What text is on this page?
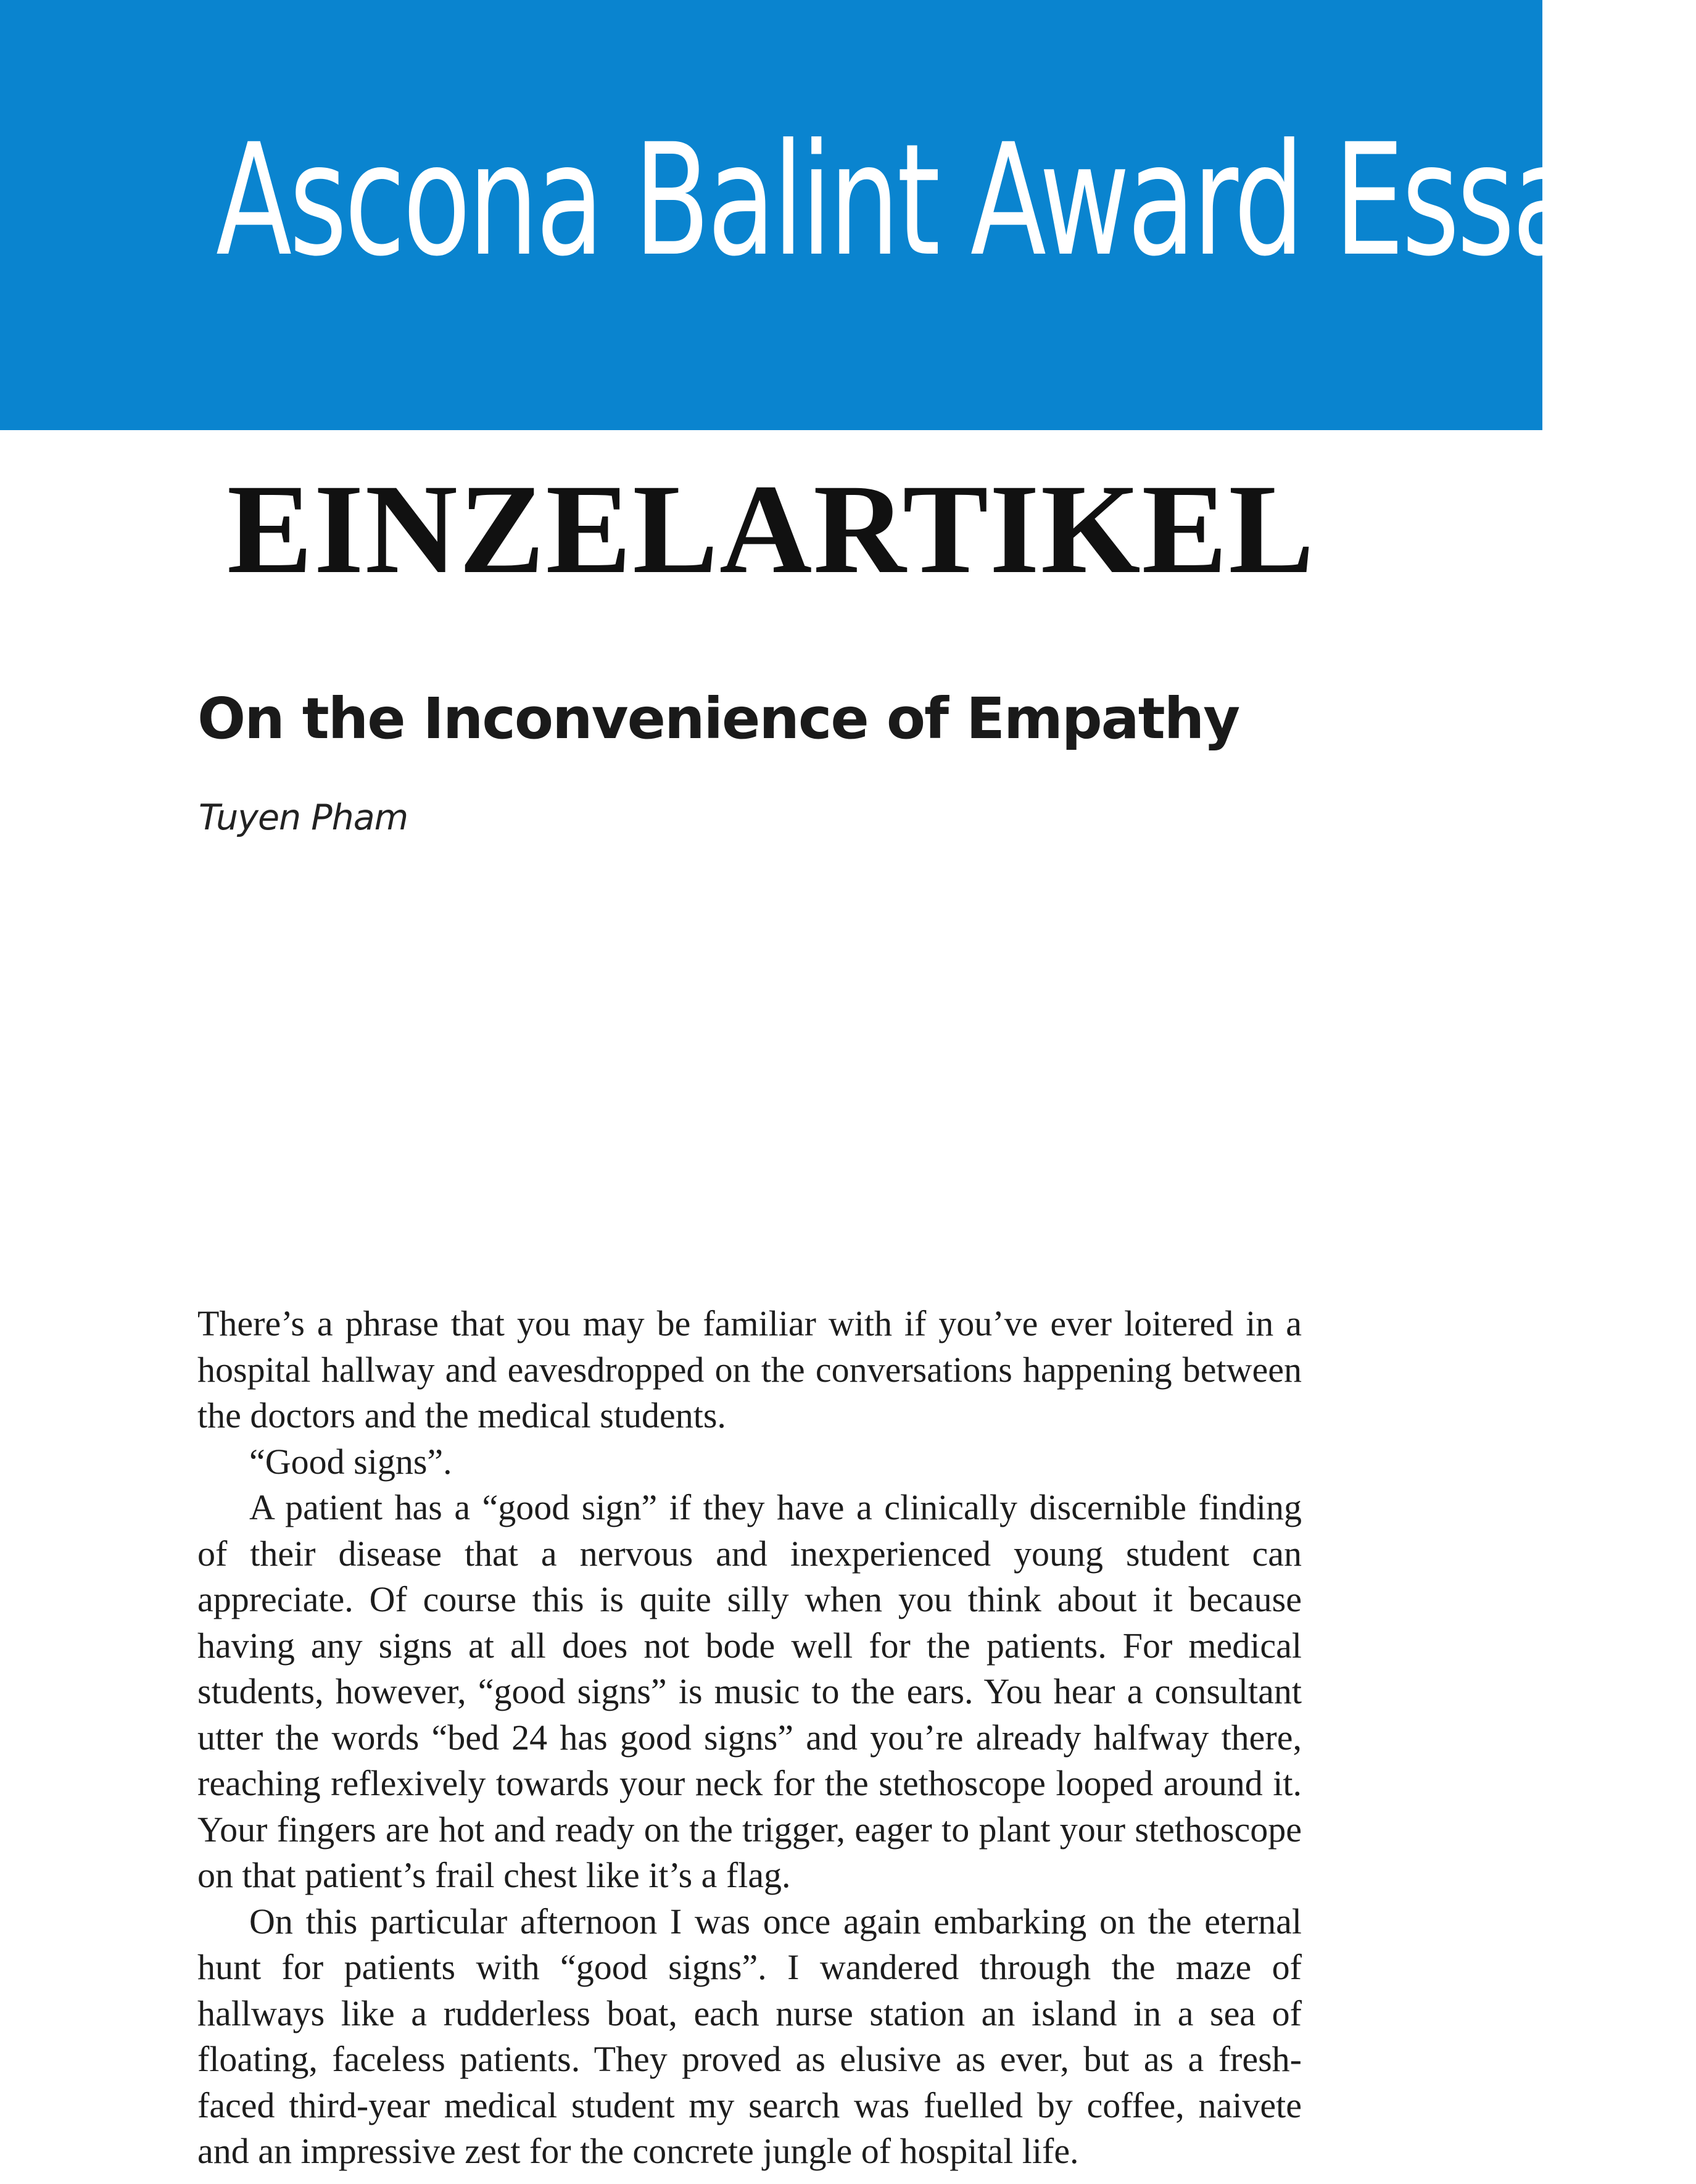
Ascona Balint Award Essays
EINZELARTIKEL
On the Inconvenience of Empathy
Tuyen Pham

There’s a phrase that you may be familiar with if you’ve ever loitered in a hospital hallway and eavesdropped on the conversations happening between the doctors and the medical students.

“Good signs”.

A patient has a “good sign” if they have a clinically discernible finding of their disease that a nervous and inexperienced young student can appreciate. Of course this is quite silly when you think about it because having any signs at all does not bode well for the patients. For medical students, however, “good signs” is music to the ears. You hear a consultant utter the words “bed 24 has good signs” and you’re already halfway there, reaching reflexively towards your neck for the stethoscope looped around it. Your fingers are hot and ready on the trigger, eager to plant your stethoscope on that patient’s frail chest like it’s a flag.

On this particular afternoon I was once again embarking on the eternal hunt for patients with “good signs”. I wandered through the maze of hallways like a rudderless boat, each nurse station an island in a sea of floating, faceless patients. They proved as elusive as ever, but as a fresh-faced third-year medical student my search was fuelled by coffee, naivete and an impressive zest for the concrete jungle of hospital life.
